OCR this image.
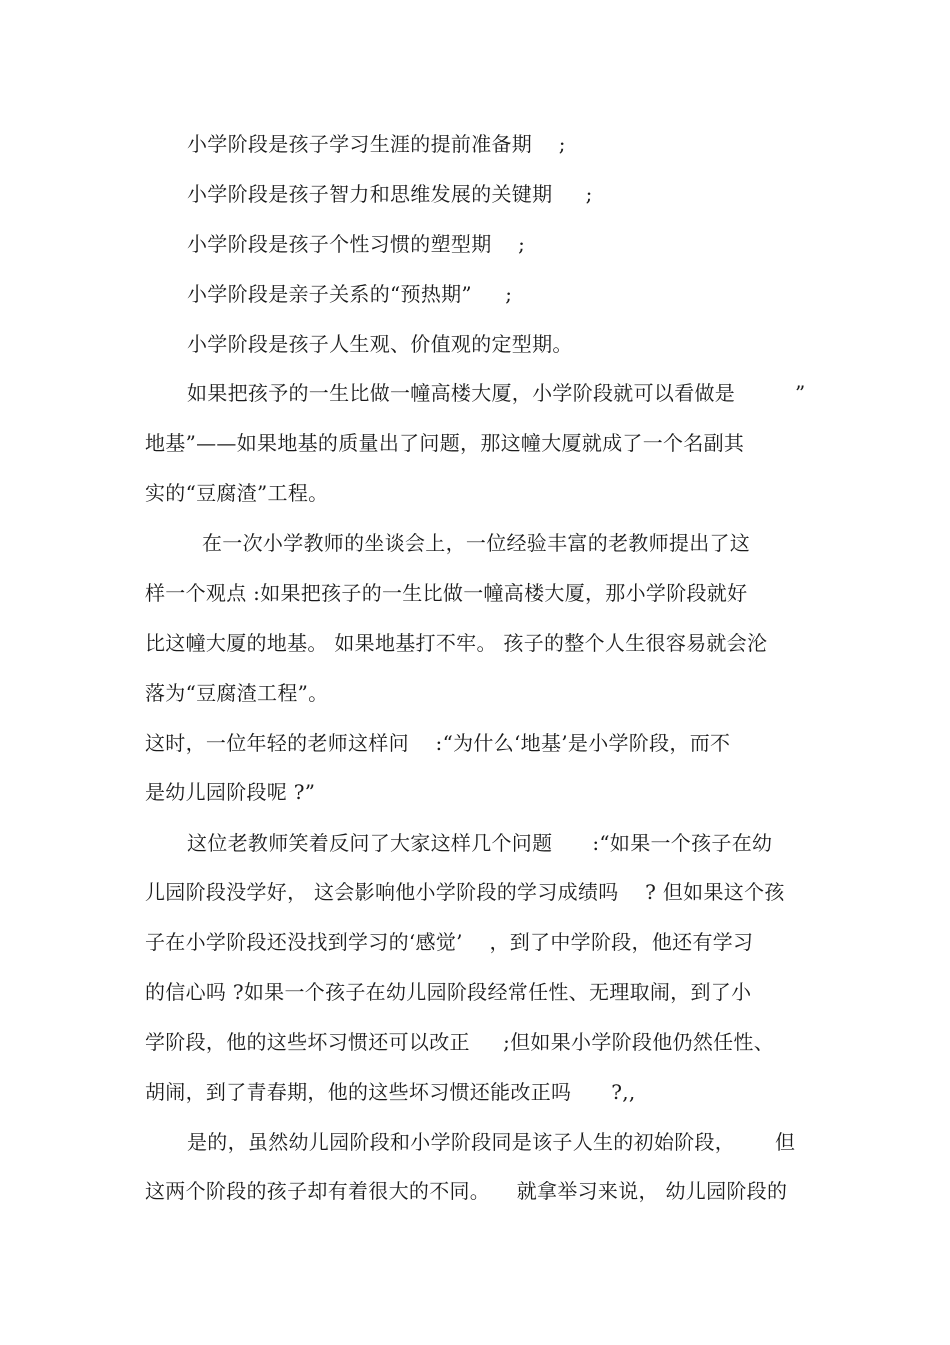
小学阶段是孩子学习生涯的提前准备期    ;
小学阶段是孩子智力和思维发展的关键期     ;
小学阶段是孩子个性习惯的塑型期    ;
小学阶段是亲子关系的“预热期”     ;
小学阶段是孩子人生观、价值观的定型期。
如果把孩予的一生比做一幢高楼大厦，小学阶段就可以看做是         ”
地基”——如果地基的质量出了问题，那这幢大厦就成了一个名副其
实的“豆腐渣”工程。
在一次小学教师的坐谈会上，一位经验丰富的老教师提出了这
样一个观点 :如果把孩子的一生比做一幢高楼大厦，那小学阶段就好
比这幢大厦的地基。 如果地基打不牢。 孩子的整个人生很容易就会沦
落为“豆腐渣工程”。
这时，一位年轻的老师这样问    :“为什么‘地基’是小学阶段，而不
是幼儿园阶段呢 ?”
这位老教师笑着反问了大家这样几个问题      :“如果一个孩子在幼
儿园阶段没学好， 这会影响他小学阶段的学习成绩吗    ? 但如果这个孩
子在小学阶段还没找到学习的‘感觉’    ，到了中学阶段，他还有学习
的信心吗 ?如果一个孩子在幼儿园阶段经常任性、无理取闹，到了小
学阶段，他的这些坏习惯还可以改正     ;但如果小学阶段他仍然任性、
胡闹，到了青春期，他的这些坏习惯还能改正吗      ?,,
是的，虽然幼儿园阶段和小学阶段同是该子人生的初始阶段，      但
这两个阶段的孩子却有着很大的不同。    就拿举习来说， 幼儿园阶段的
